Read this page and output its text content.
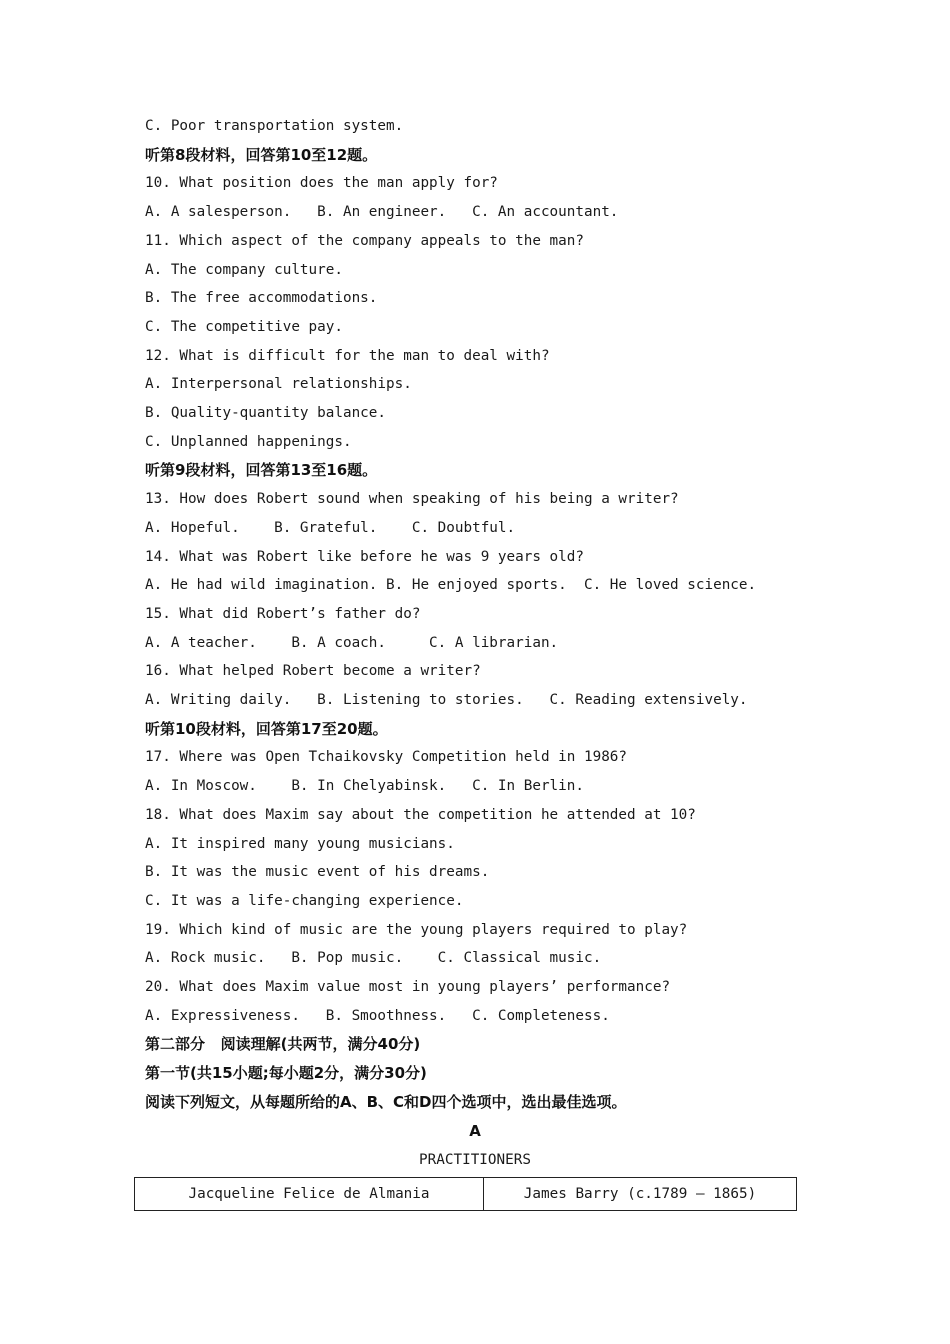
C. Poor transportation system.
听第8段材料，回答第10至12题。
10. What position does the man apply for?
A. A salesperson.   B. An engineer.   C. An accountant.
11. Which aspect of the company appeals to the man?
A. The company culture.
B. The free accommodations.
C. The competitive pay.
12. What is difficult for the man to deal with?
A. Interpersonal relationships.
B. Quality-quantity balance.
C. Unplanned happenings.
听第9段材料，回答第13至16题。
13. How does Robert sound when speaking of his being a writer?
A. Hopeful.    B. Grateful.    C. Doubtful.
14. What was Robert like before he was 9 years old?
A. He had wild imagination. B. He enjoyed sports.  C. He loved science.
15. What did Robert’s father do?
A. A teacher.    B. A coach.     C. A librarian.
16. What helped Robert become a writer?
A. Writing daily.   B. Listening to stories.   C. Reading extensively.
听第10段材料，回答第17至20题。
17. Where was Open Tchaikovsky Competition held in 1986?
A. In Moscow.    B. In Chelyabinsk.   C. In Berlin.
18. What does Maxim say about the competition he attended at 10?
A. It inspired many young musicians.
B. It was the music event of his dreams.
C. It was a life-changing experience.
19. Which kind of music are the young players required to play?
A. Rock music.   B. Pop music.    C. Classical music.
20. What does Maxim value most in young players’ performance?
A. Expressiveness.   B. Smoothness.   C. Completeness.
第二部分   阅读理解(共两节，满分40分)
第一节(共15小题;每小题2分，满分30分)
阅读下列短文，从每题所给的A、B、C和D四个选项中，选出最佳选项。
A
PRACTITIONERS
Jacqueline Felice de Almania	James Barry (c.1789 — 1865)
